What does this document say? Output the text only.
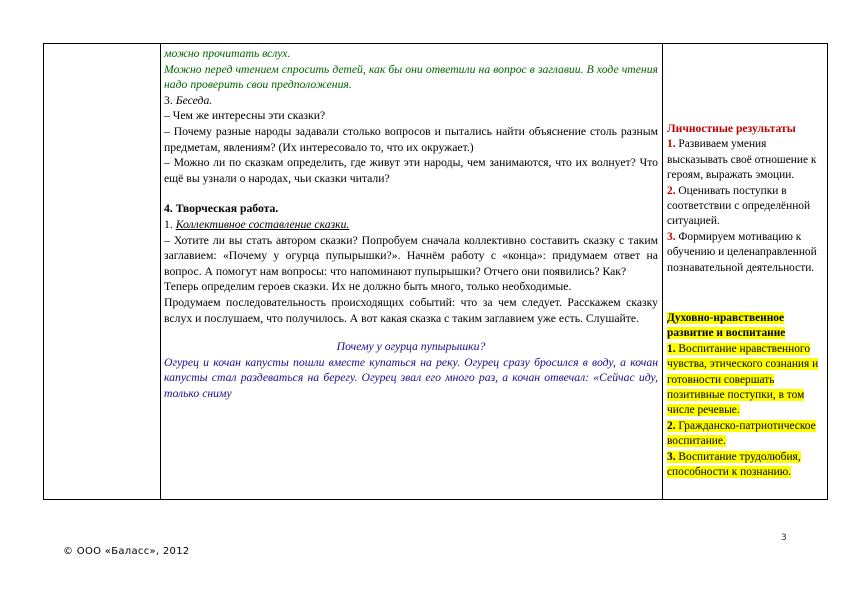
можно прочитать вслух.

Можно перед чтением спросить детей, как бы они ответили на вопрос в заглавии. В ходе чтения надо проверить свои предположения.

3. Беседа.

– Чем же интересны эти сказки?

– Почему разные народы задавали столько вопросов и пытались найти объяснение столь разным предметам, явлениям? (Их интересовало то, что их окружает.)

– Можно ли по сказкам определить, где живут эти народы, чем занимаются, что их волнует? Что ещё вы узнали о народах, чьи сказки читали?

4. Творческая работа.

1. Коллективное составление сказки.

– Хотите ли вы стать автором сказки? Попробуем сначала коллективно составить сказку с таким заглавием: «Почему у огурца пупырышки?». Начнём работу с «конца»: придумаем ответ на вопрос. А помогут нам вопросы: что напоминают пупырышки? Отчего они появились? Как?

Теперь определим героев сказки. Их не должно быть много, только необходимые.

Продумаем последовательность происходящих событий: что за чем следует. Расскажем сказку вслух и послушаем, что получилось. А вот какая сказка с таким заглавием уже есть. Слушайте.

Почему у огурца пупырышки?

Огурец и кочан капусты пошли вместе купаться на реку. Огурец сразу бросился в воду, а кочан капусты стал раздеваться на берегу. Огурец звал его много раз, а кочан отвечал: «Сейчас иду, только сниму

Личностные результаты

1. Развиваем умения высказывать своё отношение к героям, выражать эмоции.

2. Оценивать поступки в соответствии с определённой ситуацией.

3. Формируем мотивацию к обучению и целенаправленной познавательной деятельности.

Духовно-нравственное развитие и воспитание

1. Воспитание нравственного чувства, этического сознания и готовности совершать позитивные поступки, в том числе речевые.

2. Гражданско-патриотическое воспитание.

3. Воспитание трудолюбия, способности к познанию.

3
© ООО «Баласс», 2012
